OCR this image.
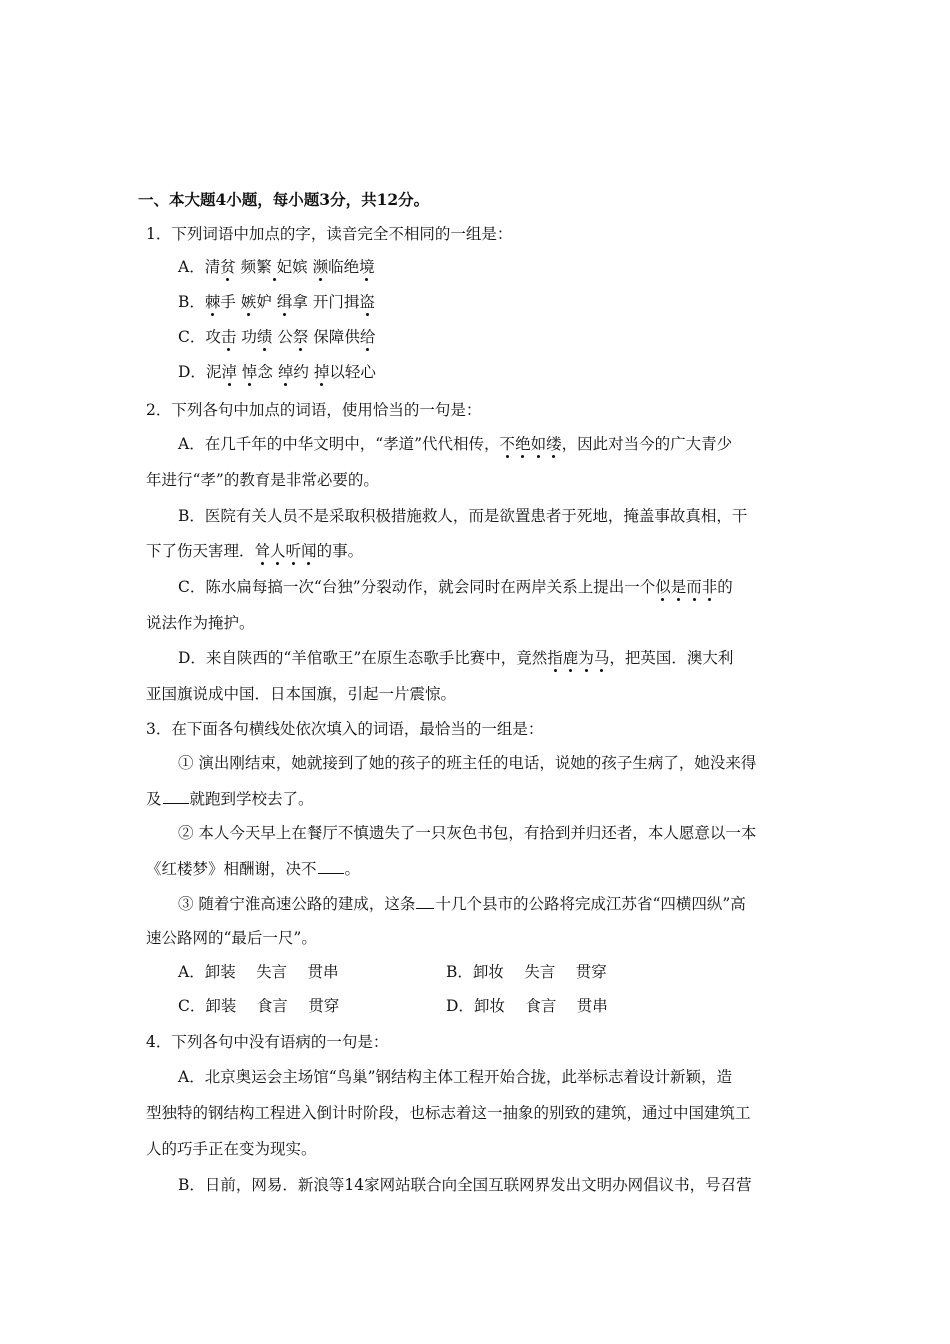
一、本大题4小题，每小题3分，共12分。
1．下列词语中加点的字，读音完全不相同的一组是：
A．清贫 频繁 妃嫔 濒临绝境
B．棘手 嫉妒 缉拿 开门揖盗
C．攻击 功绩 公祭 保障供给
D．泥淖 悼念 绰约 掉以轻心
2．下列各句中加点的词语，使用恰当的一句是：
A．在几千年的中华文明中，“孝道”代代相传，不绝如缕，因此对当今的广大青少
年进行“孝”的教育是非常必要的。
B．医院有关人员不是采取积极措施救人，而是欲置患者于死地，掩盖事故真相，干
下了伤天害理．耸人听闻的事。
C．陈水扁每搞一次“台独”分裂动作，就会同时在两岸关系上提出一个似是而非的
说法作为掩护。
D．来自陕西的“羊倌歌王”在原生态歌手比赛中，竟然指鹿为马，把英国．澳大利
亚国旗说成中国．日本国旗，引起一片震惊。
3．在下面各句横线处依次填入的词语，最恰当的一组是：
① 演出刚结束，她就接到了她的孩子的班主任的电话，说她的孩子生病了，她没来得
及 就跑到学校去了。
② 本人今天早上在餐厅不慎遗失了一只灰色书包，有拾到并归还者，本人愿意以一本
《红楼梦》相酬谢，决不 。
③ 随着宁淮高速公路的建成，这条 十几个县市的公路将完成江苏省“四横四纵”高
速公路网的“最后一尺”。
A．卸装　 失言　 贯串	B．卸妆　 失言　 贯穿
C．卸装　 食言　 贯穿	D．卸妆　 食言　 贯串
4．下列各句中没有语病的一句是：
A．北京奥运会主场馆“鸟巢”钢结构主体工程开始合拢，此举标志着设计新颖，造
型独特的钢结构工程进入倒计时阶段，也标志着这一抽象的别致的建筑，通过中国建筑工
人的巧手正在变为现实。
B．日前，网易．新浪等14家网站联合向全国互联网界发出文明办网倡议书，号召营
